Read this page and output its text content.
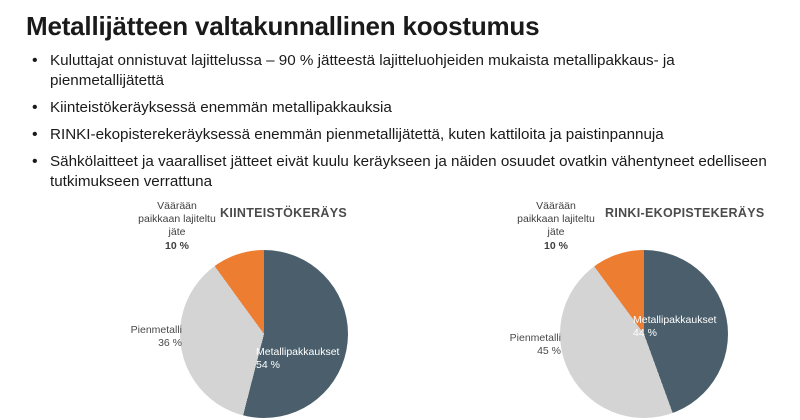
Metallijätteen valtakunnallinen koostumus
• Kuluttajat onnistuvat lajittelussa – 90 % jätteestä lajitteluohjeiden mukaista metallipakkaus- ja pienmetallijätettä
• Kiinteistökeräyksessä enemmän metallipakkauksia
• RINKI-ekopisterekeräyksessä enemmän pienmetallijätettä, kuten kattiloita ja paistinpannuja
• Sähkölaitteet ja vaaralliset jätteet eivät kuulu keräykseen ja näiden osuudet ovatkin vähentyneet edelliseen tutkimukseen verrattuna
KIINTEISTÖKERÄYS
Väärään paikkaan lajiteltu jäte
10 %
Metallipakkaukset
54 %
Pienmetalli
36 %
RINKI-EKOPISTEKERÄYS
Väärään paikkaan lajiteltu jäte
10 %
Metallipakkaukset
44 %
Pienmetalli
45 %
